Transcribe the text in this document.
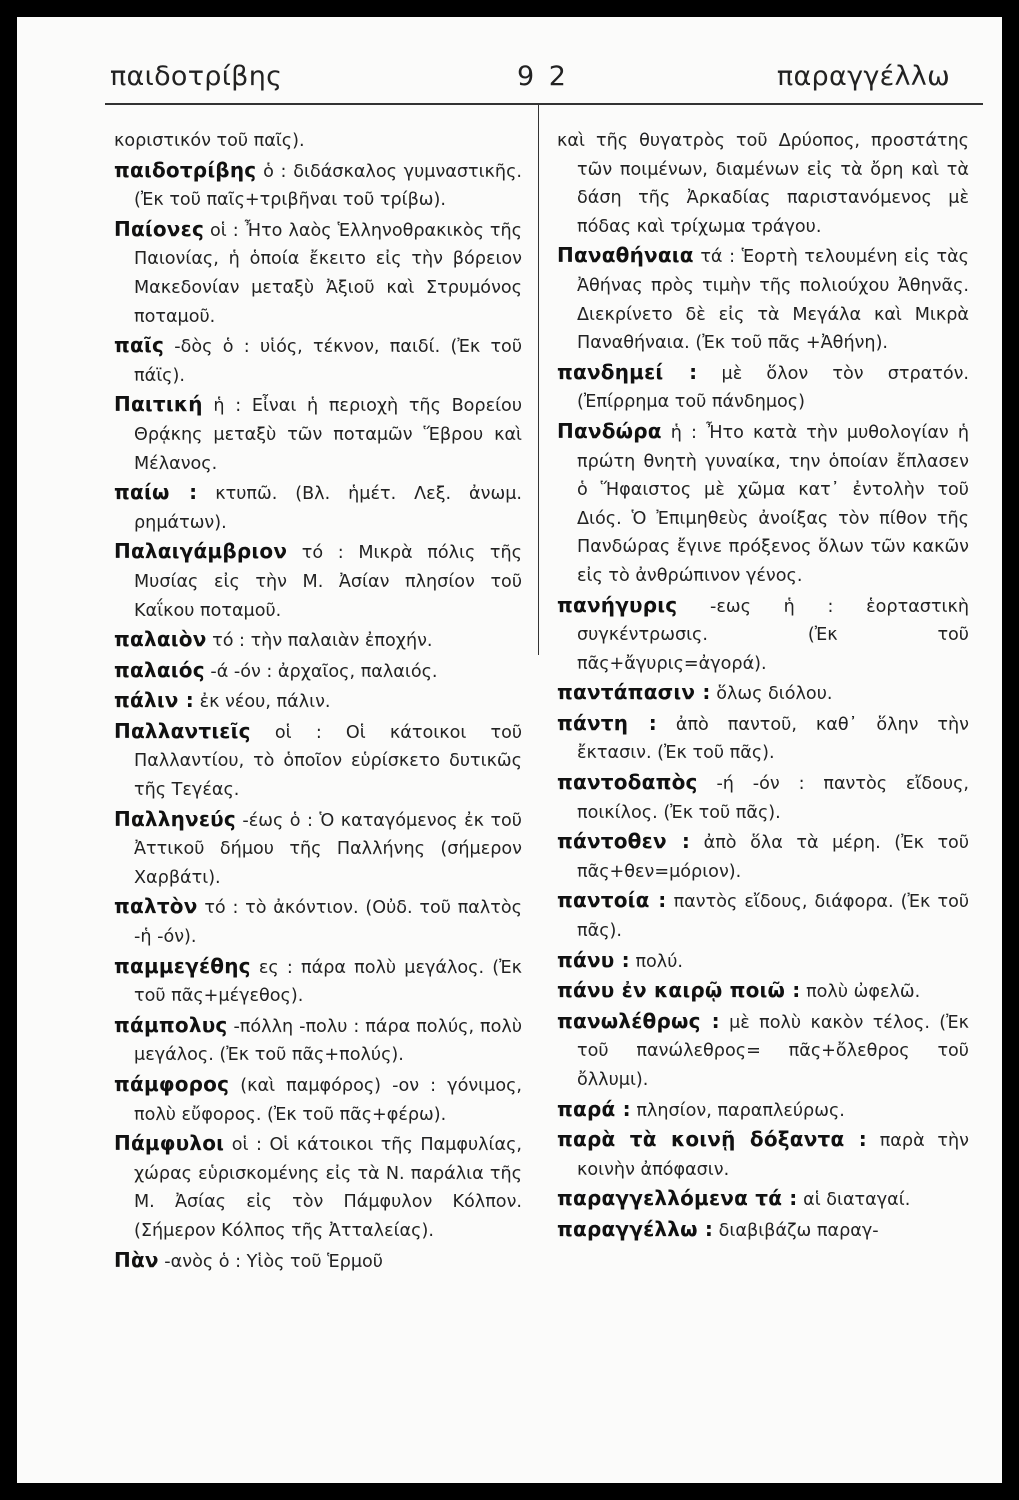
παιδοτρίβης	9 2	παραγγέλλω

κοριστικόν τοῦ παῖς).

παιδοτρίβης ὁ : διδάσκαλος γυμναστικῆς. (Ἐκ τοῦ παῖς+τριβῆναι τοῦ τρίβω).

Παίονες οἱ : Ἦτο λαὸς Ἑλληνοθρακικὸς τῆς Παιονίας, ἡ ὁποία ἔκειτο εἰς τὴν βόρειον Μακεδονίαν μεταξὺ Ἀξιοῦ καὶ Στρυμόνος ποταμοῦ.

παῖς -δὸς ὁ : υἱός, τέκνον, παιδί. (Ἐκ τοῦ πάϊς).

Παιτική ἡ : Εἶναι ἡ περιοχὴ τῆς Βορείου Θρᾴκης μεταξὺ τῶν ποταμῶν Ἕβρου καὶ Μέλανος.

παίω : κτυπῶ. (Βλ. ἡμέτ. Λεξ. ἀνωμ. ρημάτων).

Παλαιγάμβριον τό : Μικρὰ πόλις τῆς Μυσίας εἰς τὴν Μ. Ἀσίαν πλησίον τοῦ Καΐκου ποταμοῦ.

παλαιὸν τό : τὴν παλαιὰν ἐποχήν.

παλαιός -ά -όν : ἀρχαῖος, παλαιός.

πάλιν : ἐκ νέου, πάλιν.

Παλλαντιεῖς οἱ : Οἱ κάτοικοι τοῦ Παλλαντίου, τὸ ὁποῖον εὑρίσκετο δυτικῶς τῆς Τεγέας.

Παλληνεύς -έως ὁ : Ὁ καταγόμενος ἐκ τοῦ Ἀττικοῦ δήμου τῆς Παλλήνης (σήμερον Χαρβάτι).

παλτὸν τό : τὸ ἀκόντιον. (Οὐδ. τοῦ παλτὸς -ἡ -όν).

παμμεγέθης ες : πάρα πολὺ μεγάλος. (Ἐκ τοῦ πᾶς+μέγεθος).

πάμπολυς -πόλλη -πολυ : πάρα πολύς, πολὺ μεγάλος. (Ἐκ τοῦ πᾶς+πολύς).

πάμφορος (καὶ παμφόρος) -ον : γόνιμος, πολὺ εὔφορος. (Ἐκ τοῦ πᾶς+φέρω).

Πάμφυλοι οἱ : Οἱ κάτοικοι τῆς Παμφυλίας, χώρας εὑρισκομένης εἰς τὰ Ν. παράλια τῆς Μ. Ἀσίας εἰς τὸν Πάμφυλον Κόλπον. (Σήμερον Κόλπος τῆς Ἀτταλείας).

Πὰν -ανὸς ὁ : Υἱὸς τοῦ Ἑρμοῦ

καὶ τῆς θυγατρὸς τοῦ Δρύοπος, προστάτης τῶν ποιμένων, διαμένων εἰς τὰ ὄρη καὶ τὰ δάση τῆς Ἀρκαδίας παριστανόμενος μὲ πόδας καὶ τρίχωμα τράγου.

Παναθήναια τά : Ἑορτὴ τελουμένη εἰς τὰς Ἀθήνας πρὸς τιμὴν τῆς πολιούχου Ἀθηνᾶς. Διεκρίνετο δὲ εἰς τὰ Μεγάλα καὶ Μικρὰ Παναθήναια. (Ἐκ τοῦ πᾶς +Ἀθήνη).

πανδημεί : μὲ ὅλον τὸν στρατόν. (Ἐπίρρημα τοῦ πάνδημος)

Πανδώρα ἡ : Ἦτο κατὰ τὴν μυθολογίαν ἡ πρώτη θνητὴ γυναίκα, την ὁποίαν ἔπλασεν ὁ Ἥφαιστος μὲ χῶμα κατ᾽ ἐντολὴν τοῦ Διός. Ὁ Ἐπιμηθεὺς ἀνοίξας τὸν πίθον τῆς Πανδώρας ἔγινε πρόξενος ὅλων τῶν κακῶν εἰς τὸ ἀνθρώπινον γένος.

πανήγυρις -εως ἡ : ἑορταστικὴ συγκέντρωσις. (Ἐκ τοῦ πᾶς+ἄγυρις=ἀγορά).

παντάπασιν : ὅλως διόλου.

πάντη : ἀπὸ παντοῦ, καθ᾽ ὅλην τὴν ἔκτασιν. (Ἐκ τοῦ πᾶς).

παντοδαπὸς -ή -όν : παντὸς εἴδους, ποικίλος. (Ἐκ τοῦ πᾶς).

πάντοθεν : ἀπὸ ὅλα τὰ μέρη. (Ἐκ τοῦ πᾶς+θεν=μόριον).

παντοία : παντὸς εἴδους, διάφορα. (Ἐκ τοῦ πᾶς).

πάνυ : πολύ.

πάνυ ἐν καιρῷ ποιῶ : πολὺ ὠφελῶ.

πανωλέθρως : μὲ πολὺ κακὸν τέλος. (Ἐκ τοῦ πανώλεθρος= πᾶς+ὄλεθρος τοῦ ὄλλυμι).

παρά : πλησίον, παραπλεύρως.

παρὰ τὰ κοινῇ δόξαντα : παρὰ τὴν κοινὴν ἀπόφασιν.

παραγγελλόμενα τά : αἱ διαταγαί.

παραγγέλλω : διαβιβάζω παραγ-
